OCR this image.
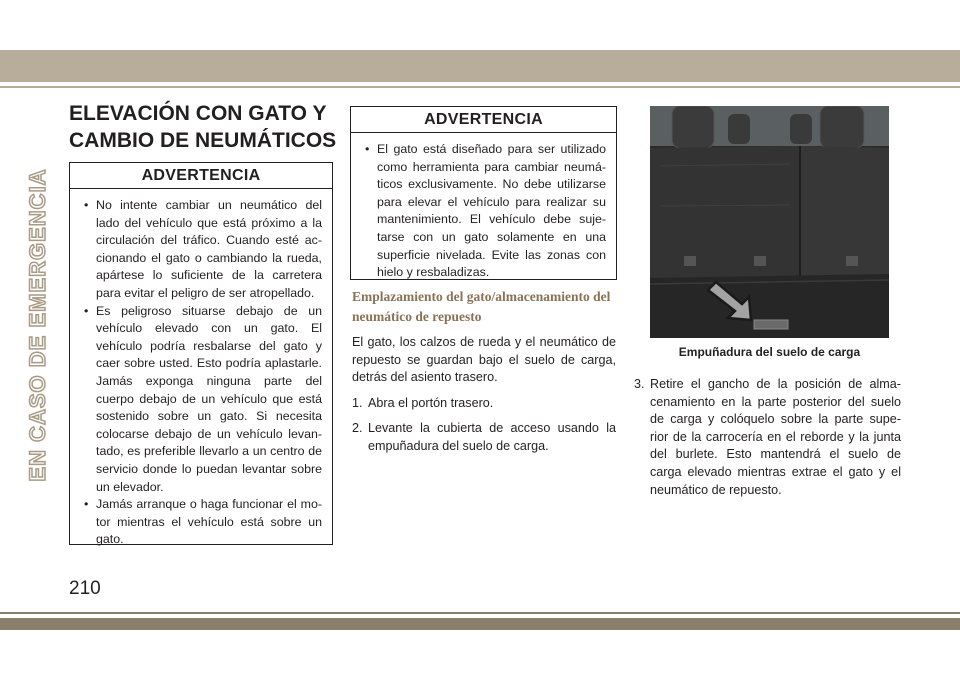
EN CASO DE EMERGENCIA
ELEVACIÓN CON GATO Y
CAMBIO DE NEUMÁTICOS
ADVERTENCIA
• No intente cambiar un neumático del lado del vehículo que está próximo a la circulación del tráfico. Cuando esté ac- cionando el gato o cambiando la rueda, apártese lo suficiente de la carretera para evitar el peligro de ser atropellado.
• Es peligroso situarse debajo de un vehículo elevado con un gato. El vehículo podría resbalarse del gato y caer sobre usted. Esto podría aplastarle. Jamás exponga ninguna parte del cuerpo debajo de un vehículo que está sostenido sobre un gato. Si necesita colocarse debajo de un vehículo levan- tado, es preferible llevarlo a un centro de servicio donde lo puedan levantar sobre un elevador.
• Jamás arranque o haga funcionar el mo- tor mientras el vehículo está sobre un gato.
ADVERTENCIA
• El gato está diseñado para ser utilizado como herramienta para cambiar neumá- ticos exclusivamente. No debe utilizarse para elevar el vehículo para realizar su mantenimiento. El vehículo debe suje- tarse con un gato solamente en una superficie nivelada. Evite las zonas con hielo y resbaladizas.
Emplazamiento del gato/almacenamiento del neumático de repuesto

El gato, los calzos de rueda y el neumático de repuesto se guardan bajo el suelo de carga, detrás del asiento trasero.

1. Abra el portón trasero.
2. Levante la cubierta de acceso usando la empuñadura del suelo de carga.
Empuñadura del suelo de carga
3. Retire el gancho de la posición de alma- cenamiento en la parte posterior del suelo de carga y colóquelo sobre la parte supe- rior de la carrocería en el reborde y la junta del burlete. Esto mantendrá el suelo de carga elevado mientras extrae el gato y el neumático de repuesto.
210
